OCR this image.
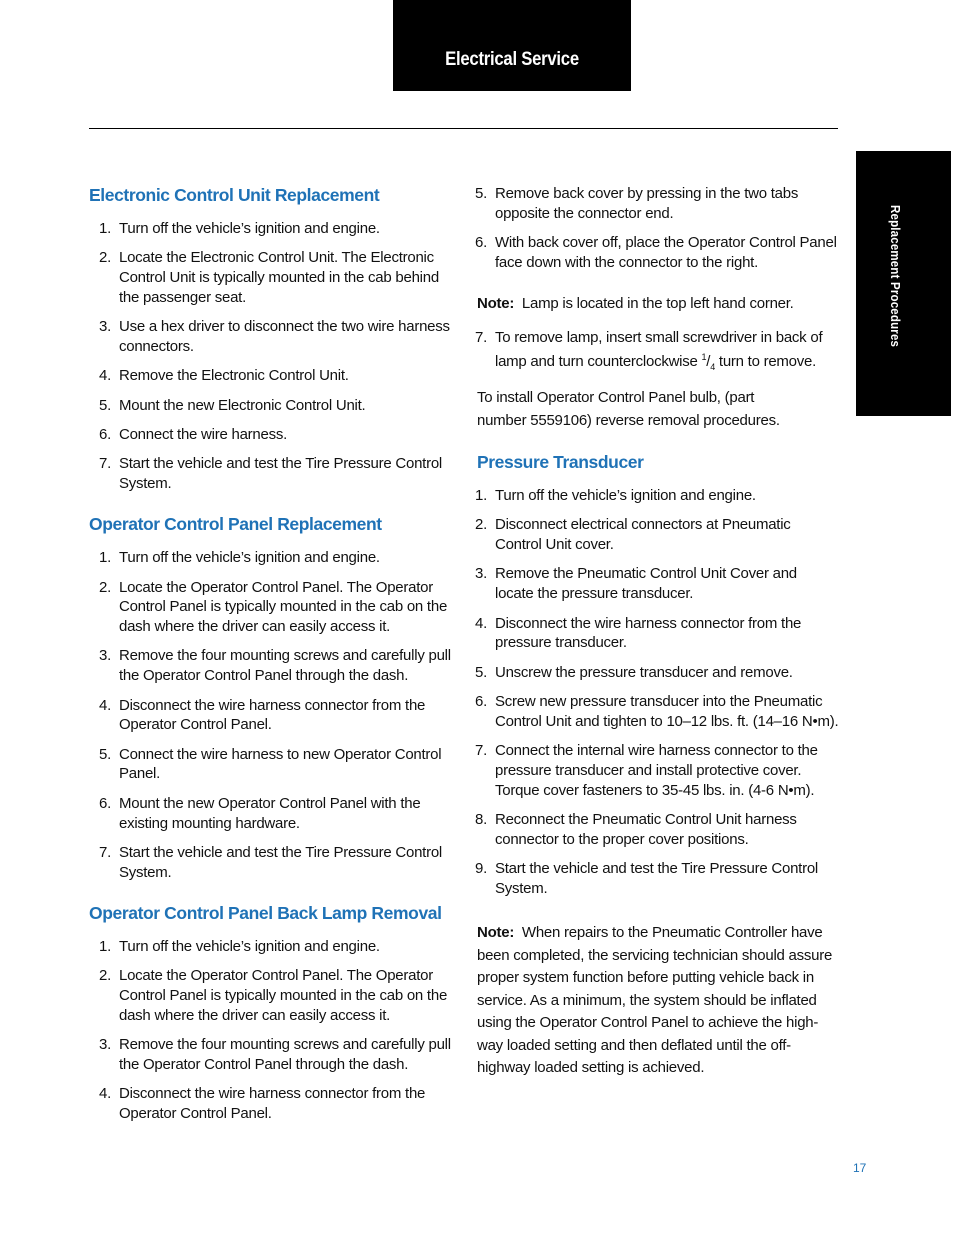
Electrical Service
Replacement Procedures
Electronic Control Unit Replacement
1. Turn off the vehicle’s ignition and engine.
2. Locate the Electronic Control Unit. The Electronic Control Unit is typically mounted in the cab behind the passenger seat.
3. Use a hex driver to disconnect the two wire harness connectors.
4. Remove the Electronic Control Unit.
5. Mount the new Electronic Control Unit.
6. Connect the wire harness.
7. Start the vehicle and test the Tire Pressure Control System.
Operator Control Panel Replacement
1. Turn off the vehicle’s ignition and engine.
2. Locate the Operator Control Panel. The Operator Control Panel is typically mounted in the cab on the dash where the driver can easily access it.
3. Remove the four mounting screws and carefully pull the Operator Control Panel through the dash.
4. Disconnect the wire harness connector from the Operator Control Panel.
5. Connect the wire harness to new Operator Control Panel.
6. Mount the new Operator Control Panel with the existing mounting hardware.
7. Start the vehicle and test the Tire Pressure Control System.
Operator Control Panel Back Lamp Removal
1. Turn off the vehicle’s ignition and engine.
2. Locate the Operator Control Panel. The Operator Control Panel is typically mounted in the cab on the dash where the driver can easily access it.
3. Remove the four mounting screws and carefully pull the Operator Control Panel through the dash.
4. Disconnect the wire harness connector from the Operator Control Panel.
5. Remove back cover by pressing in the two tabs opposite the connector end.
6. With back cover off, place the Operator Control Panel face down with the connector to the right.

Note: Lamp is located in the top left hand corner.

7. To remove lamp, insert small screwdriver in back of lamp and turn counterclockwise $^1/_4$ turn to remove.

To install Operator Control Panel bulb, (part number 5559106) reverse removal procedures.

Pressure Transducer
1. Turn off the vehicle’s ignition and engine.
2. Disconnect electrical connectors at Pneumatic Control Unit cover.
3. Remove the Pneumatic Control Unit Cover and locate the pressure transducer.
4. Disconnect the wire harness connector from the pressure transducer.
5. Unscrew the pressure transducer and remove.
6. Screw new pressure transducer into the Pneumatic Control Unit and tighten to 10–12 lbs. ft. (14–16 N•m).
7. Connect the internal wire harness connector to the pressure transducer and install protective cover. Torque cover fasteners to 35-45 lbs. in. (4-6 N•m).
8. Reconnect the Pneumatic Control Unit harness connector to the proper cover positions.
9. Start the vehicle and test the Tire Pressure Control System.

Note: When repairs to the Pneumatic Controller have been completed, the servicing technician should assure proper system function before putting vehicle back in service. As a minimum, the system should be inflated using the Operator Control Panel to achieve the high-way loaded setting and then deflated until the off-highway loaded setting is achieved.

17
